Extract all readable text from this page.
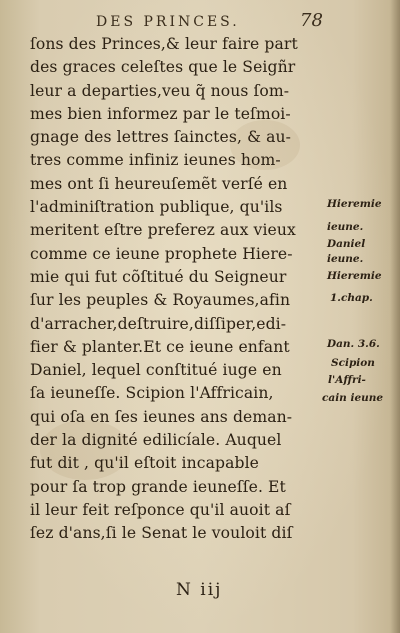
DES PRINCES.	78
ſons des Princes,& leur faire part
des graces celeſtes que le Seigñr
leur a departies,veu q̃ nous ſom-
mes bien informez par le teſmoi-
gnage des lettres ſainctes, & au-
tres comme infiniz ieunes hom-
mes ont ſi heureuſemẽt verſé en
l'adminiſtration publique, qu'ils
meritent eſtre preferez aux vieux
comme ce ieune prophete Hiere-
mie qui fut cõſtitué du Seigneur
ſur les peuples & Royaumes,afin
d'arracher,deſtruire,diſſiper,edi-
fier & planter.Et ce ieune enfant
Daniel, lequel conſtitué iuge en
ſa ieuneſſe. Scipion l'Affricain,
qui oſa en ſes ieunes ans deman-
der la dignité edilicíale. Auquel
fut dit , qu'il eſtoit incapable
pour ſa trop grande ieuneſſe. Et
il leur feit reſponce qu'il auoit aſ
ſez d'ans,ſi le Senat le vouloit diſ
Hieremie
ieune.
Daniel
ieune.
Hieremie
1.chap.
Dan. 3.6.
Scipion
l'Affri-
cain ieune
N iij
